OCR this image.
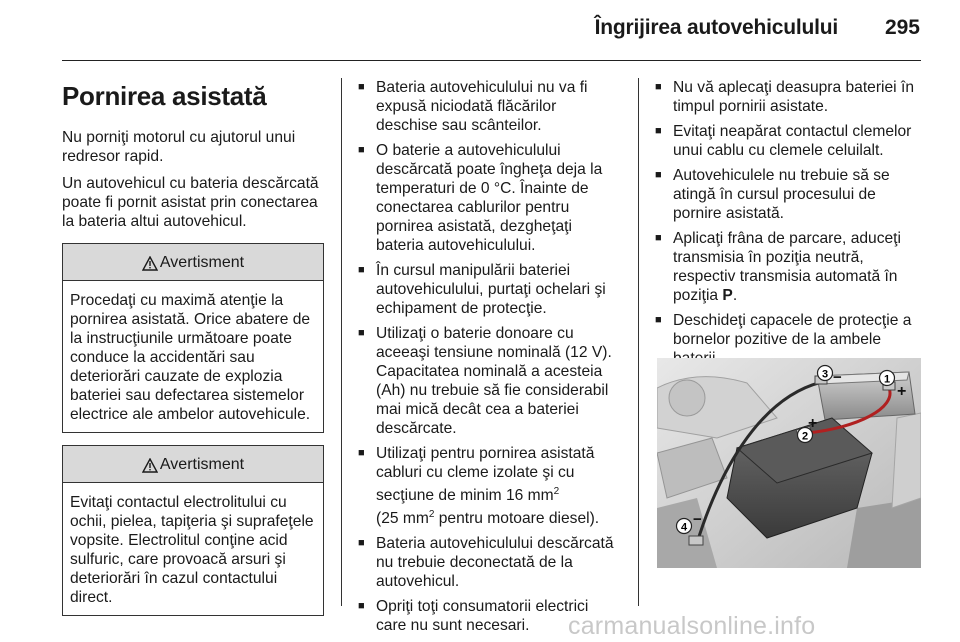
Îngrijirea autovehiculului 295
Pornirea asistată
Nu porniţi motorul cu ajutorul unui redresor rapid.
Un autovehicul cu bateria descărcată poate fi pornit asistat prin conectarea la bateria altui autovehicul.
Avertisment
Procedaţi cu maximă atenţie la pornirea asistată. Orice abatere de la instrucţiunile următoare poate conduce la accidentări sau deteriorări cauzate de explozia bateriei sau defectarea sistemelor electrice ale ambelor autovehicule.
Avertisment
Evitaţi contactul electrolitului cu ochii, pielea, tapiţeria şi suprafeţele vopsite. Electrolitul conţine acid sulfuric, care provoacă arsuri şi deteriorări în cazul contactului direct.
■ Bateria autovehiculului nu va fi expusă niciodată flăcărilor deschise sau scânteilor.
■ O baterie a autovehiculului descărcată poate îngheţa deja la temperaturi de 0 °C. Înainte de conectarea cablurilor pentru pornirea asistată, dezgheţaţi bateria autovehiculului.
■ În cursul manipulării bateriei autovehiculului, purtaţi ochelari şi echipament de protecţie.
■ Utilizaţi o baterie donoare cu aceeaşi tensiune nominală (12 V). Capacitatea nominală a acesteia (Ah) nu trebuie să fie considerabil mai mică decât cea a bateriei descărcate.
■ Utilizaţi pentru pornirea asistată cabluri cu cleme izolate şi cu secţiune de minim 16 $mm^2$
(25 $mm^2$ pentru motoare diesel).
■ Bateria autovehiculului descărcată nu trebuie deconectată de la autovehicul.
■ Opriţi toţi consumatorii electrici care nu sunt necesari.
■ Nu vă aplecaţi deasupra bateriei în timpul pornirii asistate.
■ Evitaţi neapărat contactul clemelor unui cablu cu clemele celuilalt.
■ Autovehiculele nu trebuie să se atingă în cursul procesului de pornire asistată.
■ Aplicaţi frâna de parcare, aduceţi transmisia în poziţia neutră, respectiv transmisia automată în poziţia P.
■ Deschideţi capacele de protecţie a bornelor pozitive de la ambele
1
2
3
4
+
+
−
−
carmanualsonline.info
